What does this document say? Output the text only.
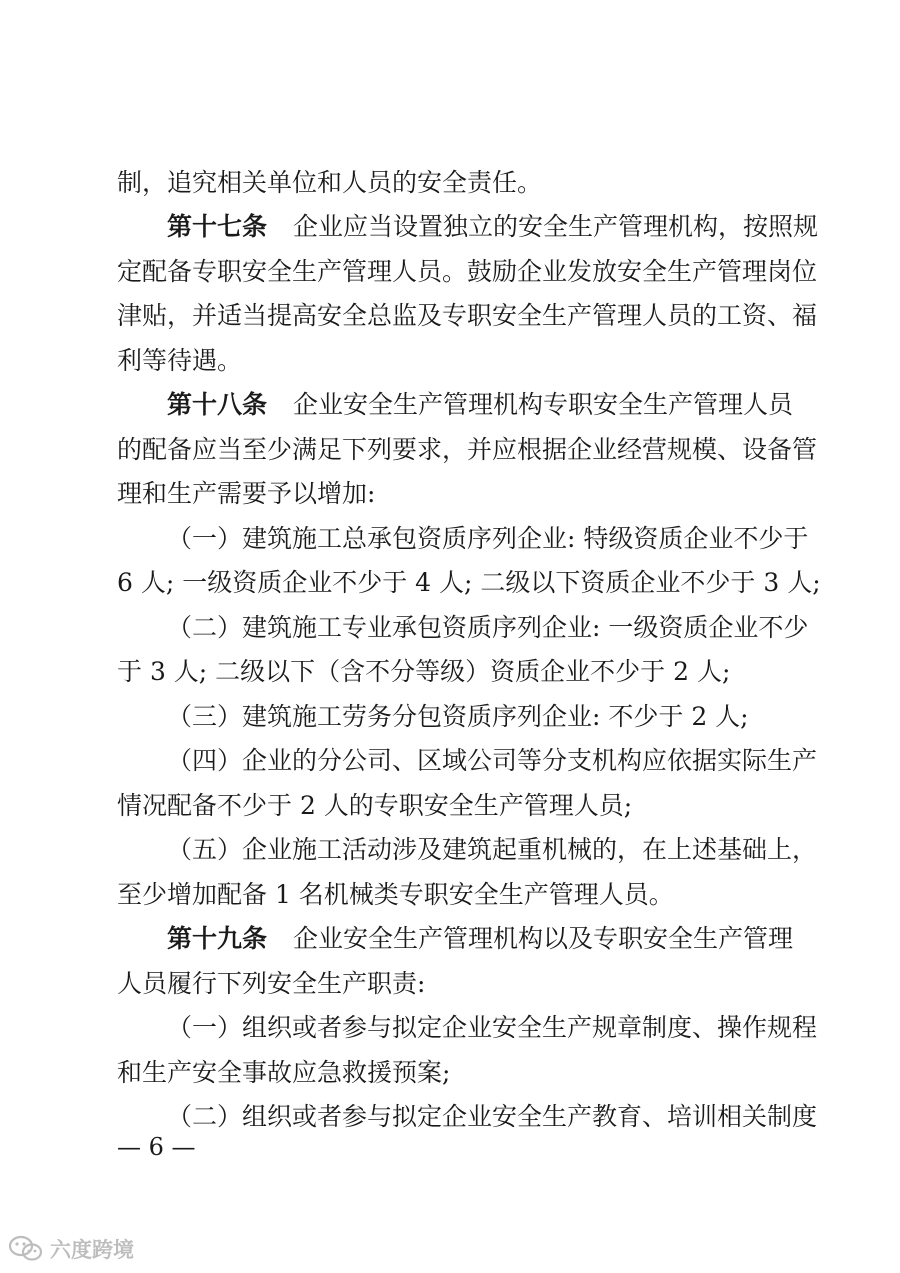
制，追究相关单位和人员的安全责任。
第十七条 企业应当设置独立的安全生产管理机构，按照规
定配备专职安全生产管理人员。鼓励企业发放安全生产管理岗位
津贴，并适当提高安全总监及专职安全生产管理人员的工资、福
利等待遇。
第十八条 企业安全生产管理机构专职安全生产管理人员
的配备应当至少满足下列要求，并应根据企业经营规模、设备管
理和生产需要予以增加:
（一）建筑施工总承包资质序列企业: 特级资质企业不少于
6 人; 一级资质企业不少于 4 人; 二级以下资质企业不少于 3 人;
（二）建筑施工专业承包资质序列企业: 一级资质企业不少
于 3 人; 二级以下（含不分等级）资质企业不少于 2 人;
（三）建筑施工劳务分包资质序列企业: 不少于 2 人;
（四）企业的分公司、区域公司等分支机构应依据实际生产
情况配备不少于 2 人的专职安全生产管理人员;
（五）企业施工活动涉及建筑起重机械的，在上述基础上，
至少增加配备 1 名机械类专职安全生产管理人员。
第十九条 企业安全生产管理机构以及专职安全生产管理
人员履行下列安全生产职责:
（一）组织或者参与拟定企业安全生产规章制度、操作规程
和生产安全事故应急救援预案;
（二）组织或者参与拟定企业安全生产教育、培训相关制度
— 6 —
六度跨境
